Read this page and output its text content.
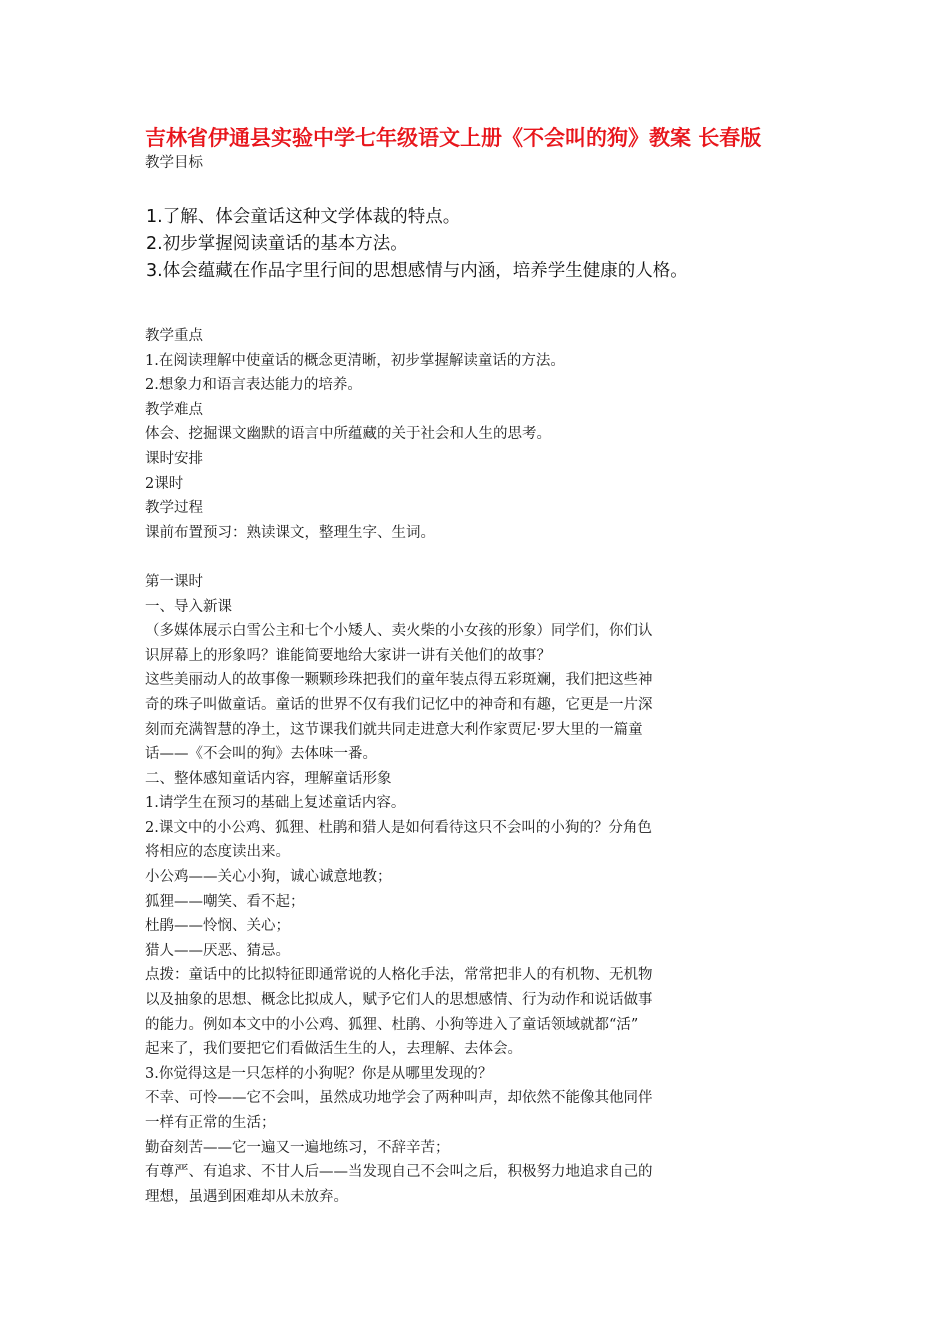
吉林省伊通县实验中学七年级语文上册《不会叫的狗》教案 长春版
教学目标
1.了解、体会童话这种文学体裁的特点。
2.初步掌握阅读童话的基本方法。
3.体会蕴藏在作品字里行间的思想感情与内涵，培养学生健康的人格。

教学重点

1.在阅读理解中使童话的概念更清晰，初步掌握解读童话的方法。

2.想象力和语言表达能力的培养。

教学难点

体会、挖掘课文幽默的语言中所蕴藏的关于社会和人生的思考。

课时安排

2课时

教学过程

课前布置预习：熟读课文，整理生字、生词。

第一课时

一、导入新课

（多媒体展示白雪公主和七个小矮人、卖火柴的小女孩的形象）同学们，你们认

识屏幕上的形象吗？谁能简要地给大家讲一讲有关他们的故事？

这些美丽动人的故事像一颗颗珍珠把我们的童年装点得五彩斑斓，我们把这些神

奇的珠子叫做童话。童话的世界不仅有我们记忆中的神奇和有趣，它更是一片深

刻而充满智慧的净土，这节课我们就共同走进意大利作家贾尼·罗大里的一篇童

话——《不会叫的狗》去体味一番。

二、整体感知童话内容，理解童话形象

1.请学生在预习的基础上复述童话内容。

2.课文中的小公鸡、狐狸、杜鹃和猎人是如何看待这只不会叫的小狗的？分角色

将相应的态度读出来。

小公鸡——关心小狗，诚心诚意地教；

狐狸——嘲笑、看不起；

杜鹃——怜悯、关心；

猎人——厌恶、猜忌。

点拨：童话中的比拟特征即通常说的人格化手法，常常把非人的有机物、无机物

以及抽象的思想、概念比拟成人，赋予它们人的思想感情、行为动作和说话做事

的能力。例如本文中的小公鸡、狐狸、杜鹃、小狗等进入了童话领域就都“活”

起来了，我们要把它们看做活生生的人，去理解、去体会。

3.你觉得这是一只怎样的小狗呢？你是从哪里发现的？

不幸、可怜——它不会叫，虽然成功地学会了两种叫声，却依然不能像其他同伴

一样有正常的生活；

勤奋刻苦——它一遍又一遍地练习，不辞辛苦；

有尊严、有追求、不甘人后——当发现自己不会叫之后，积极努力地追求自己的

理想，虽遇到困难却从未放弃。
